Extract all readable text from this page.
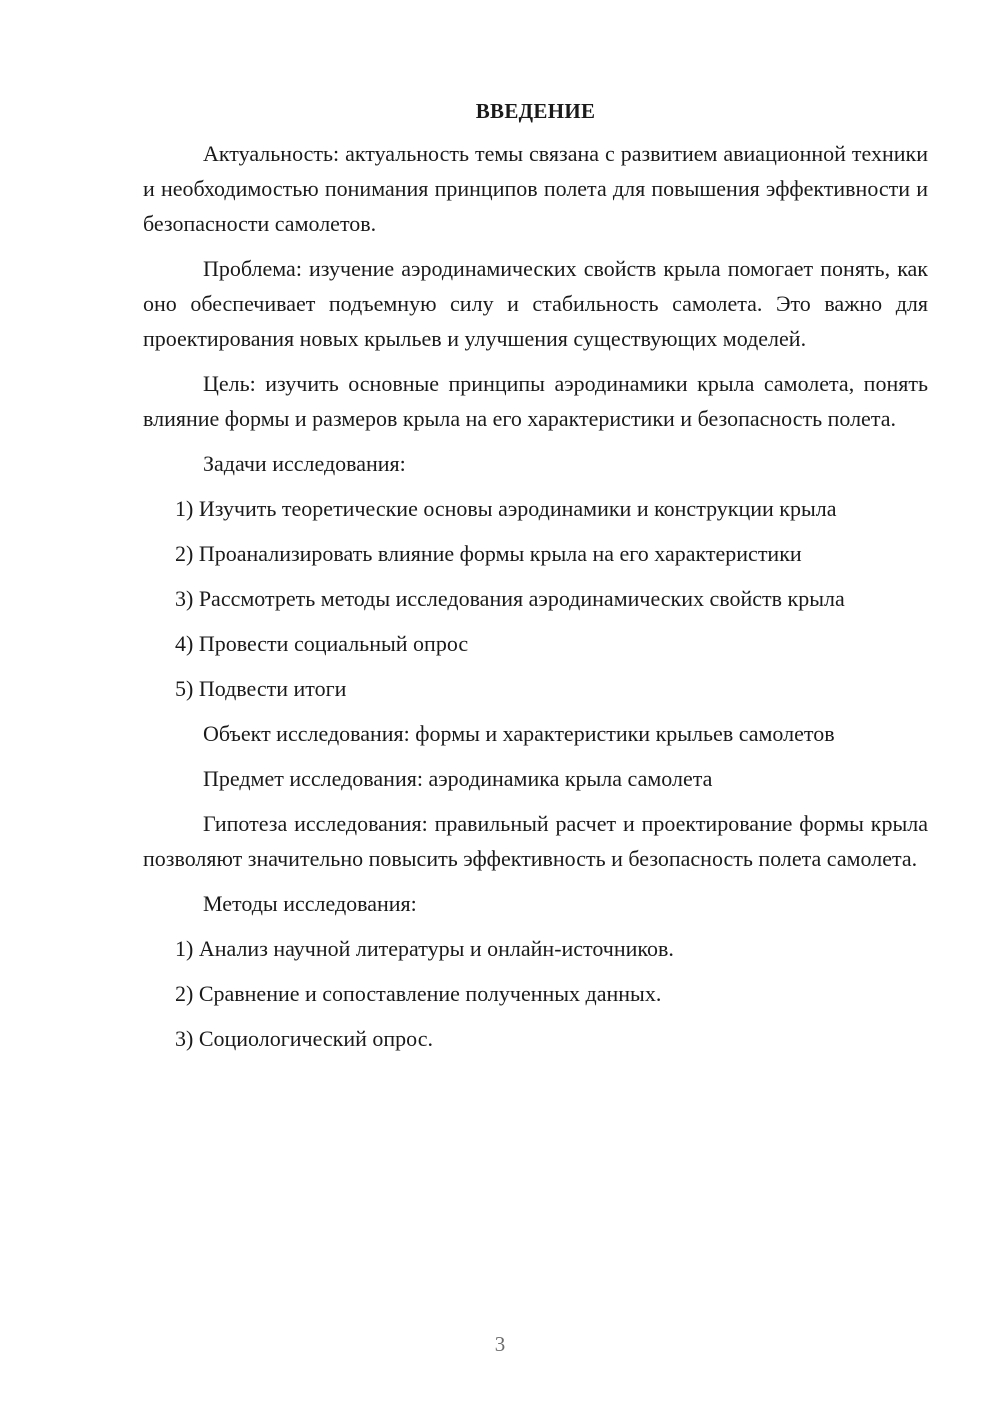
ВВЕДЕНИЕ
Актуальность: актуальность темы связана с развитием авиационной техники и необходимостью понимания принципов полета для повышения эффективности и безопасности самолетов.
Проблема: изучение аэродинамических свойств крыла помогает понять, как оно обеспечивает подъемную силу и стабильность самолета. Это важно для проектирования новых крыльев и улучшения существующих моделей.
Цель: изучить основные принципы аэродинамики крыла самолета, понять влияние формы и размеров крыла на его характеристики и безопасность полета.
Задачи исследования:
1) Изучить теоретические основы аэродинамики и конструкции крыла
2) Проанализировать влияние формы крыла на его характеристики
3) Рассмотреть методы исследования аэродинамических свойств крыла
4) Провести социальный опрос
5) Подвести итоги
Объект исследования: формы и характеристики крыльев самолетов
Предмет исследования: аэродинамика крыла самолета
Гипотеза исследования: правильный расчет и проектирование формы крыла позволяют значительно повысить эффективность и безопасность полета самолета.
Методы исследования:
1) Анализ научной литературы и онлайн-источников.
2) Сравнение и сопоставление полученных данных.
3) Социологический опрос.
3
